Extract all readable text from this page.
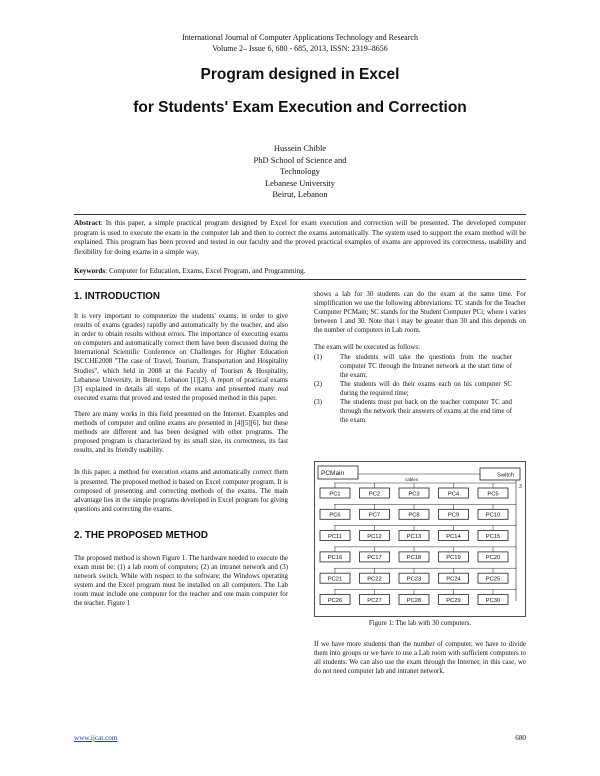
International Journal of Computer Applications Technology and Research
Volume 2– Issue 6, 680 - 685, 2013, ISSN: 2319–8656
Program designed in Excel
for Students' Exam Execution and Correction
Hussein Chible
PhD School of Science and
Technology
Lebanese University
Beirut, Lebanon
Abstract: In this paper, a simple practical program designed by Excel for exam execution and correction will be presented. The developed computer program is used to execute the exam in the computer lab and then to correct the exams automatically. The system used to support the exam method will be explained. This program has been proved and tested in our faculty and the proved practical examples of exams are approved its correctness, usability and flexibility for doing exams in a simple way.
Keywords: Computer for Education, Exams, Excel Program, and Programming.
1. INTRODUCTION

It is very important to computerize the students' exams, in order to give results of exams (grades) rapidly and automatically by the teacher, and also in order to obtain results without errors. The importance of executing exams on computers and automatically correct them have been discussed during the International Scientific Conference on Challenges for Higher Education ISCCHE2008 "The case of Travel, Tourism, Transportation and Hospitality Studies", which held in 2008 at the Faculty of Tourism & Hospitality, Lebanese University, in Beirut, Lebanon [1][2]. A report of practical exams [3] explained in details all steps of the exams and presented many real executed exams that proved and tested the proposed method in this paper.

There are many works in this field presented on the Internet. Examples and methods of computer and online exams are presented in [4][5][6], but these methods are different and has been designed with other programs. The proposed program is characterized by its small size, its correctness, its fast results, and its friendly usability.

In this paper, a method for execution exams and automatically correct them is presented. The proposed method is based on Excel computer program. It is composed of presenting and correcting methods of the exams. The main advantage lies in the simple programs developed in Excel program for giving questions and correcting the exams.

2. THE PROPOSED METHOD

The proposed method is shown Figure 1. The hardware needed to execute the exam must be: (1) a lab room of computers; (2) an intranet network and (3) network switch. While with respect to the software; the Windows operating system and the Excel program must be installed on all computers. The Lab room must include one computer for the teacher and one main computer for the teacher. Figure 1

shows a lab for 30 students can do the exam at the same time. For simplification we use the following abbreviations: TC stands for the Teacher Computer PCMain; SC stands for the Student Computer PCi; where i varies between 1 and 30. Note that i may be greater than 30 and this depends on the number of computers in Lab room.

The exam will be executed as follows:

(1)	The students will take the questions from the teacher computer TC through the Intranet network at the start time of the exam;
(2)	The students will do their exams each on his computer SC during the required time;
(3)	The students must put back on the teacher computer TC and through the network their answers of exams at the end time of the exam.
PCMain	Switch
cables
3
PC1	PC2	PC3	PC4	PC5
PC6	PC7	PC8	PC9	PC10
PC11	PC12	PC13	PC14	PC15
PC16	PC17	PC18	PC19	PC20
PC21	PC22	PC23	PC24	PC25
PC26	PC27	PC28	PC29	PC30
Figure 1: The lab with 30 computers.

If we have more students than the number of computer, we have to divide them into groups or we have to use a Lab room with sufficient computers to all students. We can also use the exam through the Internet; in this case, we do not need computer lab and intranet network.

www.ijcat.com	680
